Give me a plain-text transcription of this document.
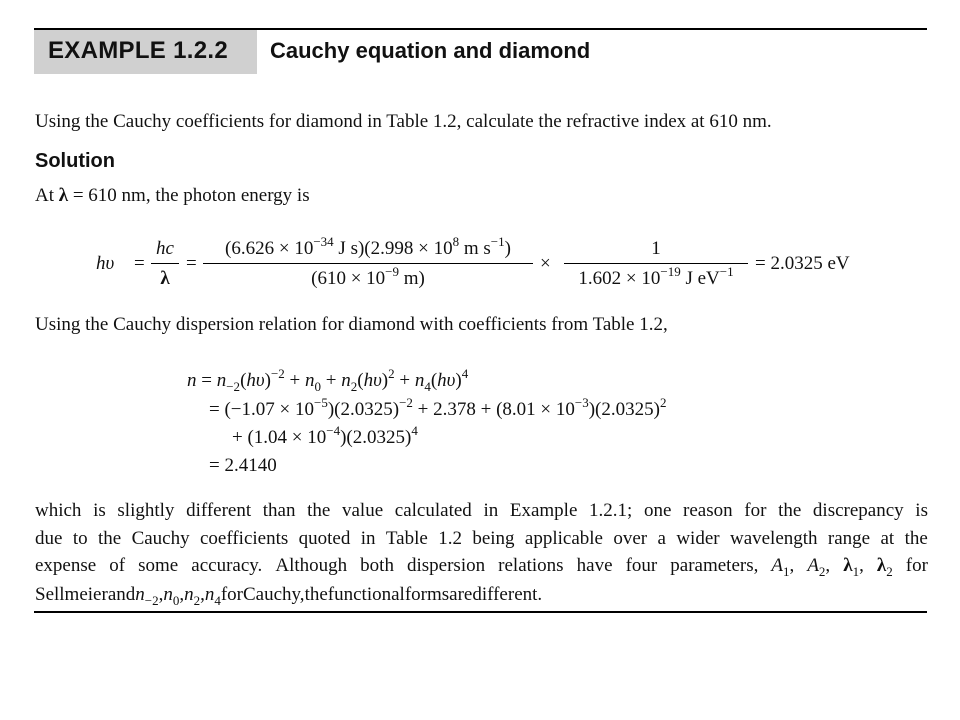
EXAMPLE 1.2.2 Cauchy equation and diamond
Using the Cauchy coefficients for diamond in Table 1.2, calculate the refractive index at 610 nm.
Solution
At λ = 610 nm, the photon energy is
hυ =
hc
λ
=
($6.626 \times 10^{-34}$ J $s)(2.998 \times 10^8$ m $s^{-1}$)
($610 \times 10^{-9}$ m)
×
1
$1.602 \times 10^{-19}$ J $eV^{-1}$	= 2.0325 eV
Using the Cauchy dispersion relation for diamond with coefficients from Table 1.2,
$n = n_{-2}(h\upsilon)^{-2} + n_0 + n_2(h\upsilon)^2 + n_4(h\upsilon)^4$
= $(-1.07 \times 10^{-5})(2.0325)^{-2} + 2.378 + (8.01 \times 10^{-3})(2.0325)^2$
+ $(1.04 \times 10^{-4})(2.0325)^4$
= 2.4140
which is slightly different than the value calculated in Example 1.2.1; one reason for the discrepancy is
due to the Cauchy coefficients quoted in Table 1.2 being applicable over a wider wavelength range at the
expense of some accuracy. Although both dispersion relations have four parameters, $A_1$, $A_2$, $\lambda_1$, $\lambda_2$ for
Sellmeier and $n_{-2}$, $n_0$, $n_2$, $n_4$ for Cauchy, the functional forms are different.
